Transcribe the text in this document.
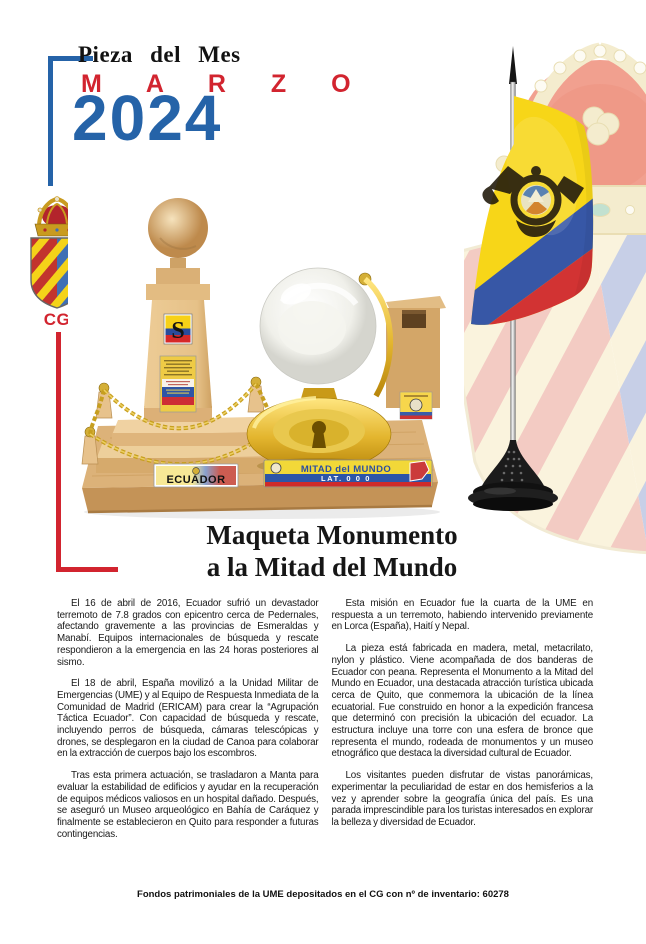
Pieza del Mes
M A R Z O
2024
CG	S
ECUADOR
MITAD del MUNDO
LAT. 0 0 0
Maqueta Monumento
a la Mitad del Mundo

El 16 de abril de 2016, Ecuador sufrió un devastador terremoto de 7.8 grados con epicentro cerca de Pedernales, afectando gravemente a las provincias de Esmeraldas y Manabí. Equipos internacionales de búsqueda y rescate respondieron a la emergencia en las 24 horas posteriores al sismo.

El 18 de abril, España movilizó a la Unidad Militar de Emergencias (UME) y al Equipo de Respuesta Inmediata de la Comunidad de Madrid (ERICAM) para crear la “Agrupación Táctica Ecuador”. Con capacidad de búsqueda y rescate, incluyendo perros de búsqueda, cámaras telescópicas y drones, se desplegaron en la ciudad de Canoa para colaborar en la extracción de cuerpos bajo los escombros.

Tras esta primera actuación, se trasladaron a Manta para evaluar la estabilidad de edificios y ayudar en la recuperación de equipos médicos valiosos en un hospital dañado. Después, se aseguró un Museo arqueológico en Bahía de Caráquez y finalmente se establecieron en Quito para responder a futuras contingencias.

Esta misión en Ecuador fue la cuarta de la UME en respuesta a un terremoto, habiendo intervenido previamente en Lorca (España), Haití y Nepal.

La pieza está fabricada en madera, metal, metacrilato, nylon y plástico. Viene acompañada de dos banderas de Ecuador con peana. Representa el Monumento a la Mitad del Mundo en Ecuador, una destacada atracción turística ubicada cerca de Quito, que conmemora la ubicación de la línea ecuatorial. Fue construido en honor a la expedición francesa que determinó con precisión la ubicación del ecuador. La estructura incluye una torre con una esfera de bronce que representa el mundo, rodeada de monumentos y un museo etnográfico que destaca la diversidad cultural de Ecuador.

Los visitantes pueden disfrutar de vistas panorámicas, experimentar la peculiaridad de estar en dos hemisferios a la vez y aprender sobre la geografía única del país. Es una parada imprescindible para los turistas interesados en explorar la belleza y diversidad de Ecuador.

Fondos patrimoniales de la UME depositados en el CG con nº de inventario: 60278
